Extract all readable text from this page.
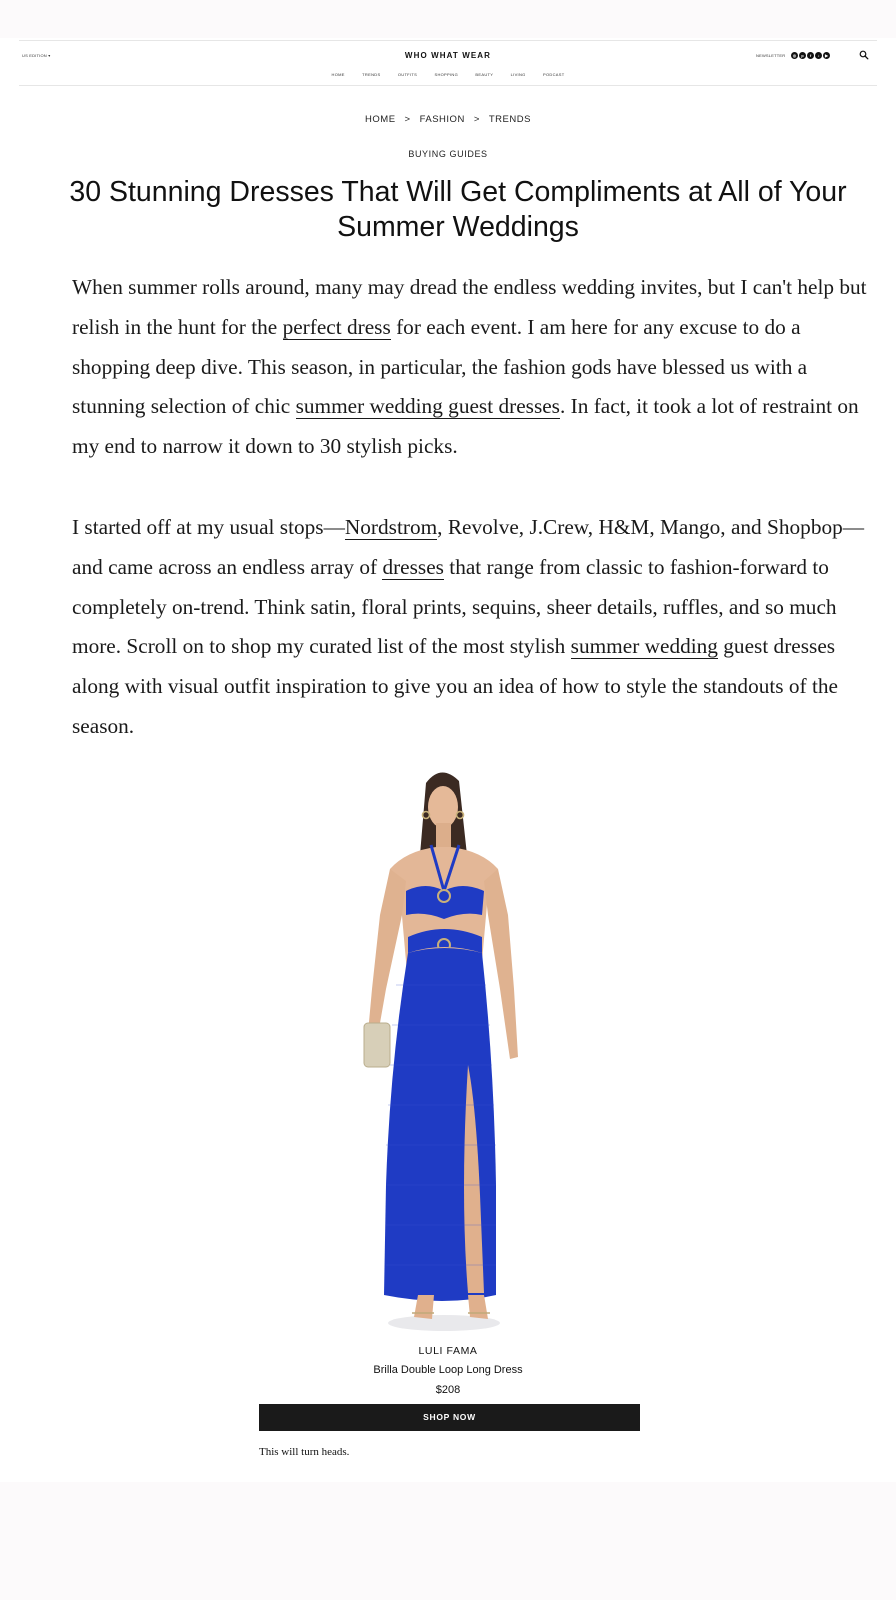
US EDITION ▾	WHO WHAT WEAR
HOME	TRENDS	OUTFITS	SHOPPING	BEAUTY	LIVING	PODCAST
NEWSLETTER	◎	p	f	♪	▶
HOME > FASHION > TRENDS
BUYING GUIDES
30 Stunning Dresses That Will Get Compliments at All of Your Summer Weddings

When summer rolls around, many may dread the endless wedding invites, but I can't help but relish in the hunt for the perfect dress for each event. I am here for any excuse to do a shopping deep dive. This season, in particular, the fashion gods have blessed us with a stunning selection of chic summer wedding guest dresses. In fact, it took a lot of restraint on my end to narrow it down to 30 stylish picks.

I started off at my usual stops—Nordstrom, Revolve, J.Crew, H&M, Mango, and Shopbop—and came across an endless array of dresses that range from classic to fashion-forward to completely on-trend. Think satin, floral prints, sequins, sheer details, ruffles, and so much more. Scroll on to shop my curated list of the most stylish summer wedding guest dresses along with visual outfit inspiration to give you an idea of how to style the standouts of the season.

LULI FAMA
Brilla Double Loop Long Dress
$208
SHOP NOW
This will turn heads.
